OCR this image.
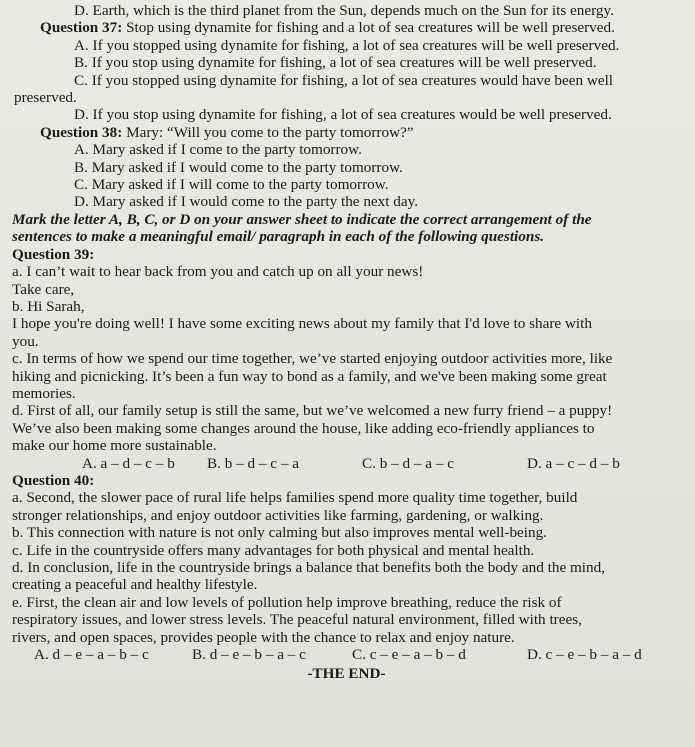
D. Earth, which is the third planet from the Sun, depends much on the Sun for its energy.
Question 37: Stop using dynamite for fishing and a lot of sea creatures will be well preserved.
A. If you stopped using dynamite for fishing, a lot of sea creatures will be well preserved.
B. If you stop using dynamite for fishing, a lot of sea creatures will be well preserved.
C. If you stopped using dynamite for fishing, a lot of sea creatures would have been well
preserved.
D. If you stop using dynamite for fishing, a lot of sea creatures would be well preserved.
Question 38: Mary: “Will you come to the party tomorrow?”
A. Mary asked if I come to the party tomorrow.
B. Mary asked if I would come to the party tomorrow.
C. Mary asked if I will come to the party tomorrow.
D. Mary asked if I would come to the party the next day.
Mark the letter A, B, C, or D on your answer sheet to indicate the correct arrangement of the
sentences to make a meaningful email/ paragraph in each of the following questions.
Question 39:
a. I can’t wait to hear back from you and catch up on all your news!
Take care,
b. Hi Sarah,
I hope you're doing well! I have some exciting news about my family that I'd love to share with
you.
c. In terms of how we spend our time together, we’ve started enjoying outdoor activities more, like
hiking and picnicking. It’s been a fun way to bond as a family, and we've been making some great
memories.
d. First of all, our family setup is still the same, but we’ve welcomed a new furry friend – a puppy!
We’ve also been making some changes around the house, like adding eco-friendly appliances to
make our home more sustainable.
A. a – d – c – b	B. b – d – c – a	C. b – d – a – c	D. a – c – d – b
Question 40:
a. Second, the slower pace of rural life helps families spend more quality time together, build
stronger relationships, and enjoy outdoor activities like farming, gardening, or walking.
b. This connection with nature is not only calming but also improves mental well-being.
c. Life in the countryside offers many advantages for both physical and mental health.
d. In conclusion, life in the countryside brings a balance that benefits both the body and the mind,
creating a peaceful and healthy lifestyle.
e. First, the clean air and low levels of pollution help improve breathing, reduce the risk of
respiratory issues, and lower stress levels. The peaceful natural environment, filled with trees,
rivers, and open spaces, provides people with the chance to relax and enjoy nature.
A. d – e – a – b – c	B. d – e – b – a – c	C. c – e – a – b – d	D. c – e – b – a – d
-THE END-
